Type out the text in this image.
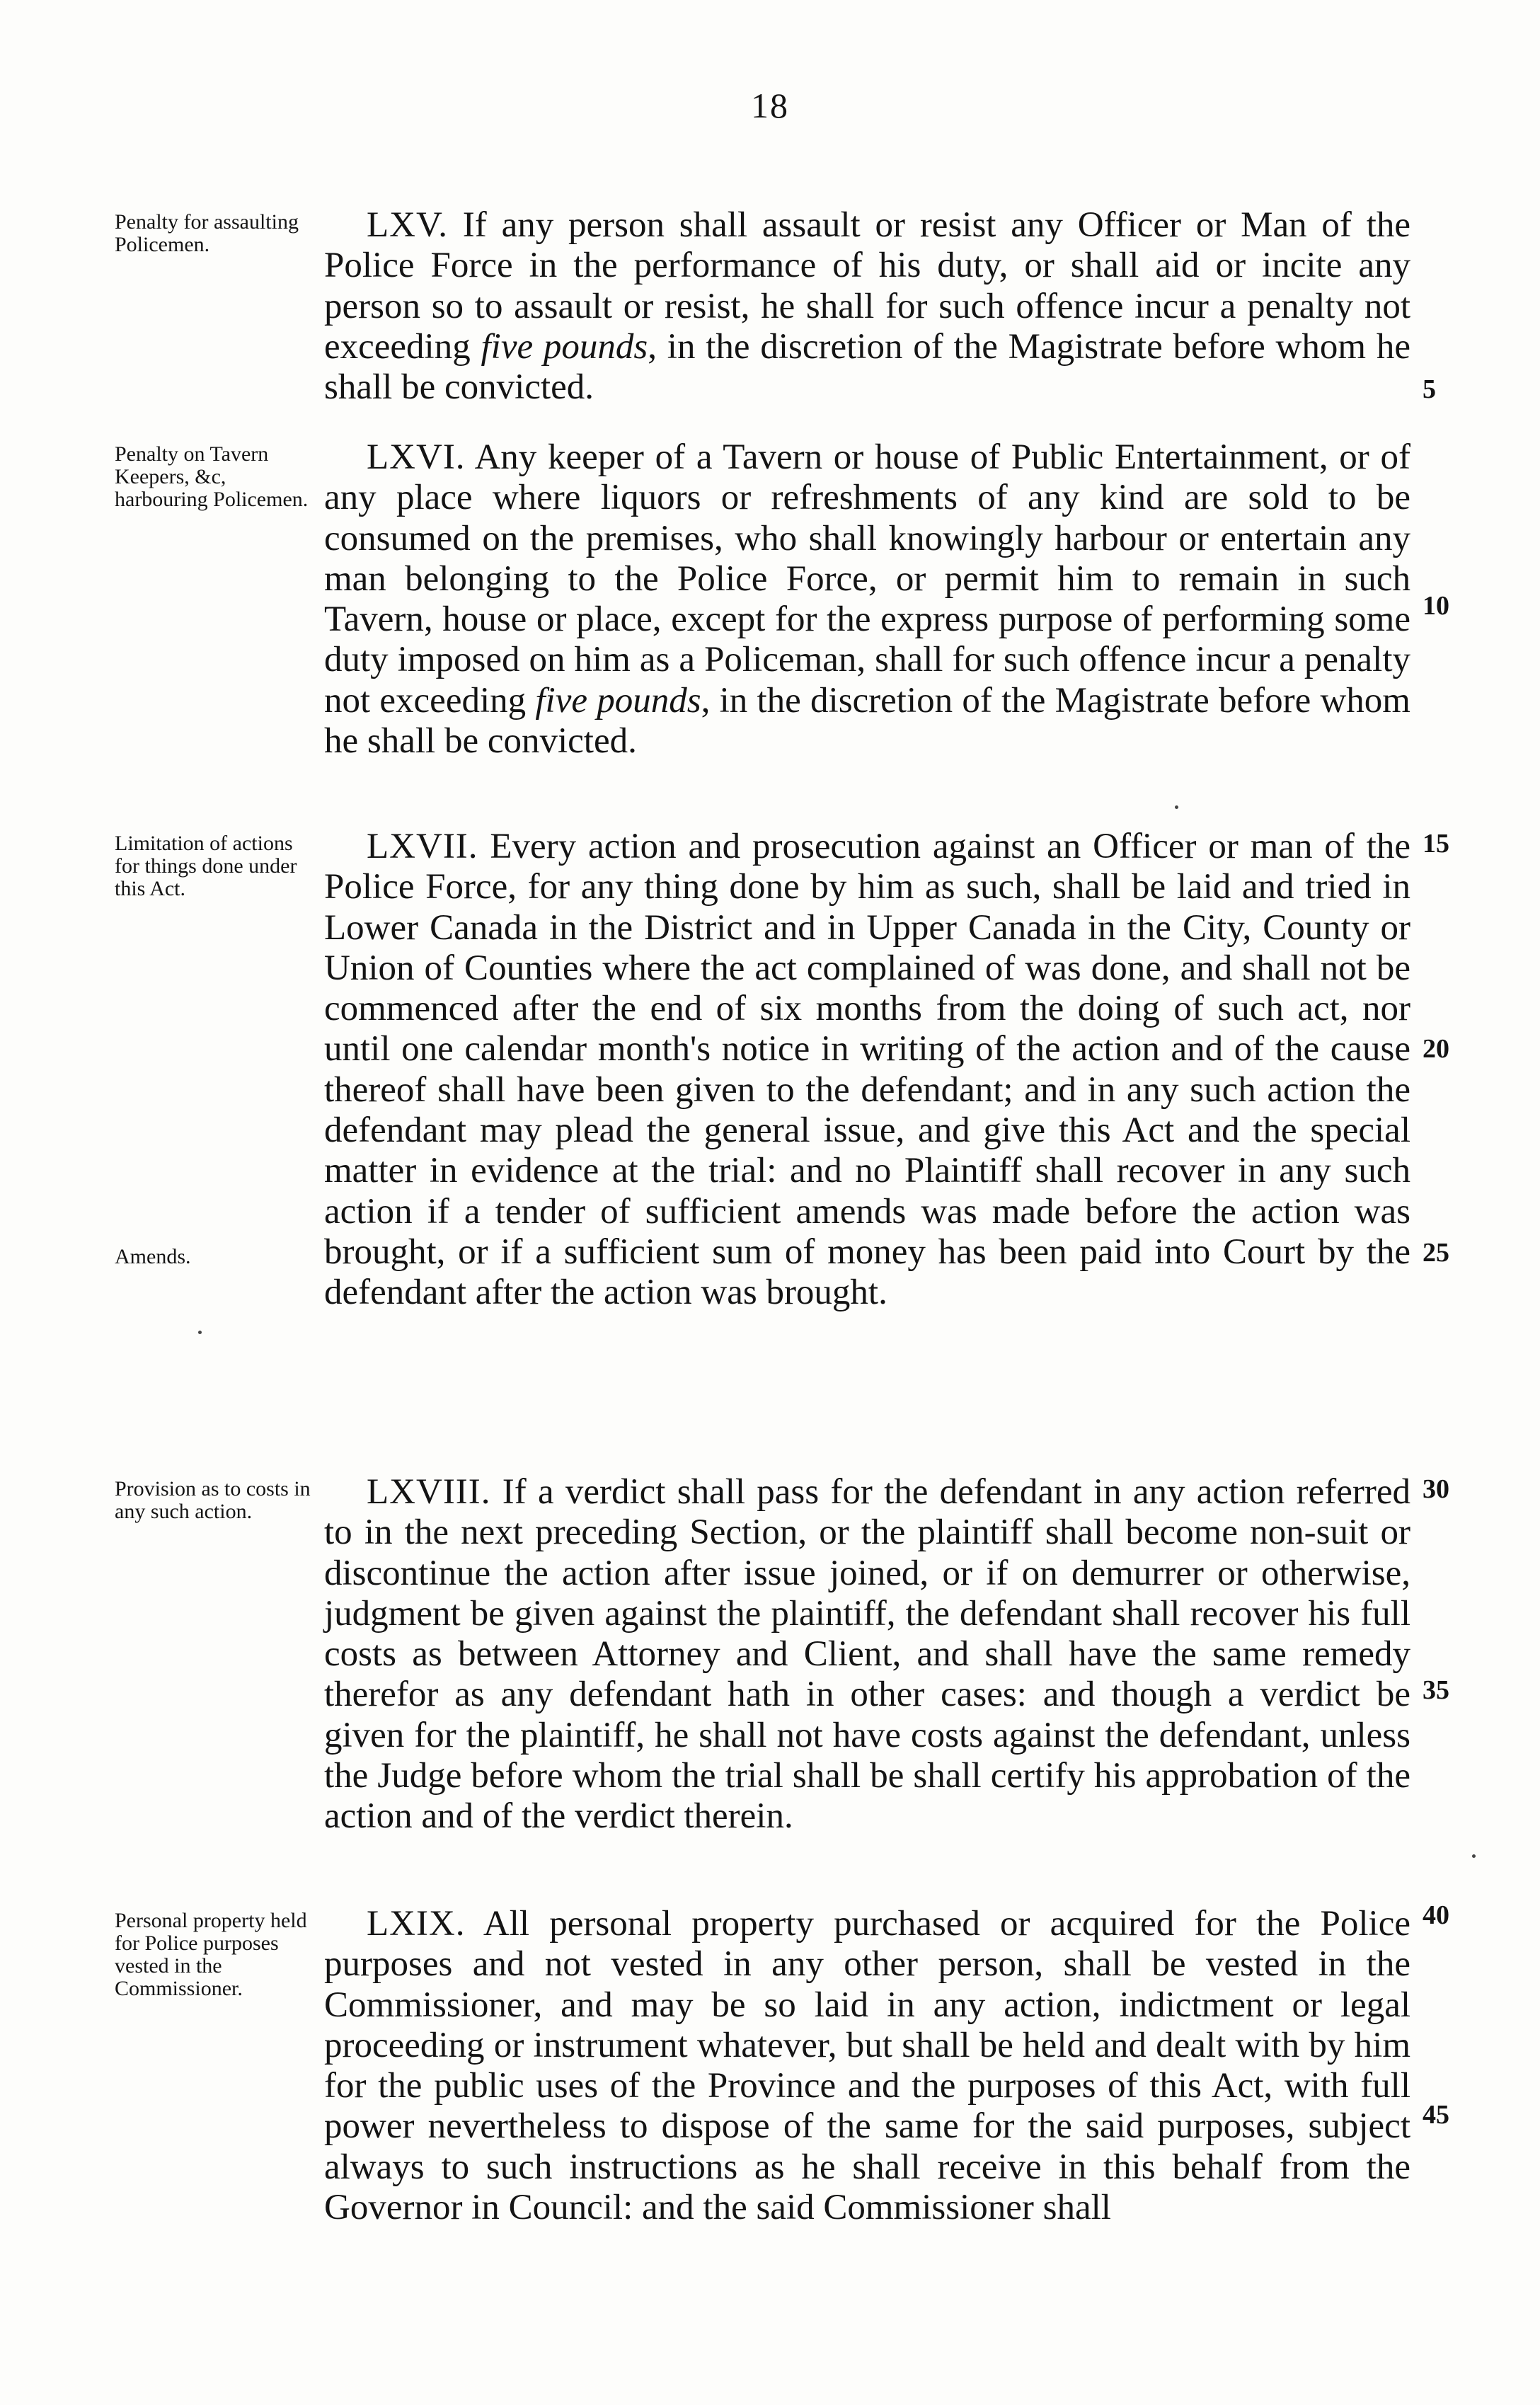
18
Penalty for assaulting Policemen.	LXV. If any person shall assault or resist any Officer or Man of the Police Force in the performance of his duty, or shall aid or incite any person so to assault or resist, he shall for such offence incur a penalty not exceeding five pounds, in the discretion of the Magistrate before whom he shall be convicted.
Penalty on Tavern Keepers, &c, harbouring Policemen.
LXVI. Any keeper of a Tavern or house of Public Entertainment, or of any place where liquors or refreshments of any kind are sold to be consumed on the premises, who shall knowingly harbour or entertain any man belonging to the Police Force, or permit him to remain in such Tavern, house or place, except for the express purpose of performing some duty imposed on him as a Policeman, shall for such offence incur a penalty not exceeding five pounds, in the discretion of the Magistrate before whom he shall be convicted.
Limitation of actions for things done under this Act.
Amends.
LXVII. Every action and prosecution against an Officer or man of the Police Force, for any thing done by him as such, shall be laid and tried in Lower Canada in the District and in Upper Canada in the City, County or Union of Counties where the act complained of was done, and shall not be commenced after the end of six months from the doing of such act, nor until one calendar month's notice in writing of the action and of the cause thereof shall have been given to the defendant; and in any such action the defendant may plead the general issue, and give this Act and the special matter in evidence at the trial: and no Plaintiff shall recover in any such action if a tender of sufficient amends was made before the action was brought, or if a sufficient sum of money has been paid into Court by the defendant after the action was brought.
Provision as to costs in any such action.	LXVIII. If a verdict shall pass for the defendant in any action referred to in the next preceding Section, or the plaintiff shall become non-suit or discontinue the action after issue joined, or if on demurrer or otherwise, judgment be given against the plaintiff, the defendant shall recover his full costs as between Attorney and Client, and shall have the same remedy therefor as any defendant hath in other cases: and though a verdict be given for the plaintiff, he shall not have costs against the defendant, unless the Judge before whom the trial shall be shall certify his approbation of the action and of the verdict therein.
Personal property held for Police purposes vested in the Commissioner.
LXIX. All personal property purchased or acquired for the Police purposes and not vested in any other person, shall be vested in the Commissioner, and may be so laid in any action, indictment or legal proceeding or instrument whatever, but shall be held and dealt with by him for the public uses of the Province and the purposes of this Act, with full power nevertheless to dispose of the same for the said purposes, subject always to such instructions as he shall receive in this behalf from the Governor in Council: and the said Commissioner shall
5
10
15
20
25
30
35
40
45
